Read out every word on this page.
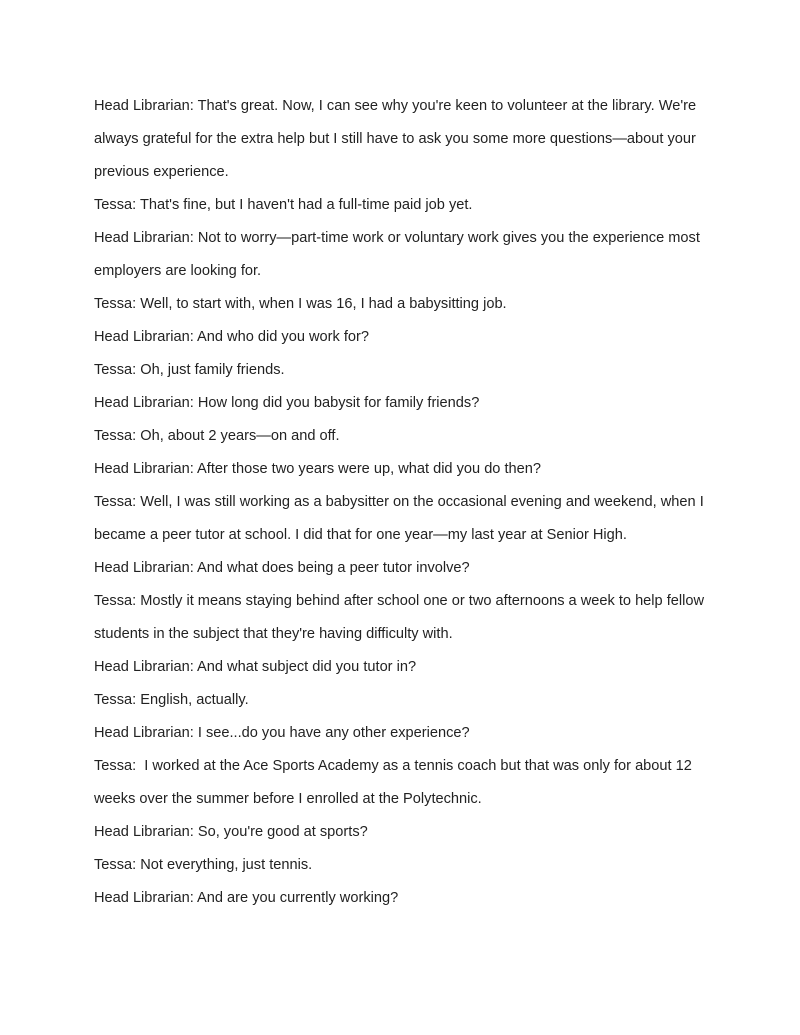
Head Librarian: That's great. Now, I can see why you're keen to volunteer at the library. We're

always grateful for the extra help but I still have to ask you some more questions—about your

previous experience.

Tessa: That's fine, but I haven't had a full-time paid job yet.

Head Librarian: Not to worry—part-time work or voluntary work gives you the experience most

employers are looking for.

Tessa: Well, to start with, when I was 16, I had a babysitting job.

Head Librarian: And who did you work for?

Tessa: Oh, just family friends.

Head Librarian: How long did you babysit for family friends?

Tessa: Oh, about 2 years—on and off.

Head Librarian: After those two years were up, what did you do then?

Tessa: Well, I was still working as a babysitter on the occasional evening and weekend, when I

became a peer tutor at school. I did that for one year—my last year at Senior High.

Head Librarian: And what does being a peer tutor involve?

Tessa: Mostly it means staying behind after school one or two afternoons a week to help fellow

students in the subject that they're having difficulty with.

Head Librarian: And what subject did you tutor in?

Tessa: English, actually.

Head Librarian: I see...do you have any other experience?

Tessa:  I worked at the Ace Sports Academy as a tennis coach but that was only for about 12

weeks over the summer before I enrolled at the Polytechnic.

Head Librarian: So, you're good at sports?

Tessa: Not everything, just tennis.

Head Librarian: And are you currently working?
